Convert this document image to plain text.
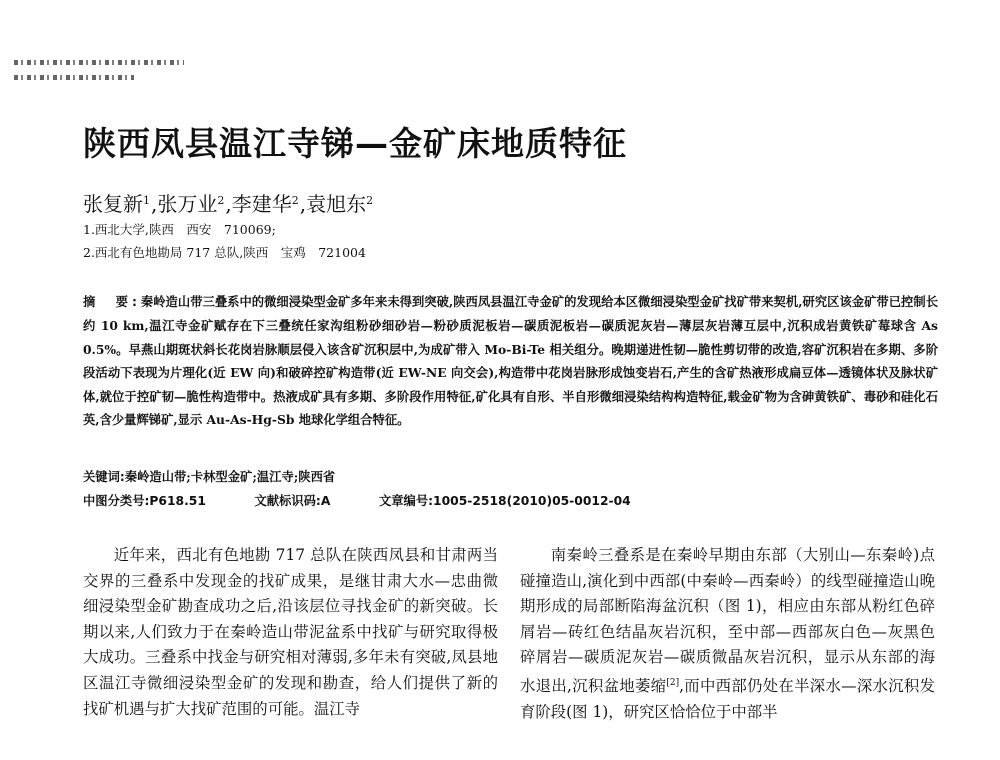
陕西凤县温江寺锑—金矿床地质特征
张复新$^1$,张万业$^2$,李建华$^2$,袁旭东$^2$
1.西北大学,陕西　西安　710069;
2.西北有色地勘局 717 总队,陕西　宝鸡　721004
摘　要:秦岭造山带三叠系中的微细浸染型金矿多年来未得到突破,陕西凤县温江寺金矿的发现给本区微细浸染型金矿找矿带来契机,研究区该金矿带已控制长约 10 km,温江寺金矿赋存在下三叠统任家沟组粉砂细砂岩—粉砂质泥板岩—碳质泥板岩—碳质泥灰岩—薄层灰岩薄互层中,沉积成岩黄铁矿莓球含 As 0.5%。早燕山期斑状斜长花岗岩脉顺层侵入该含矿沉积层中,为成矿带入 Mo-Bi-Te 相关组分。晚期递进性韧—脆性剪切带的改造,容矿沉积岩在多期、多阶段活动下表现为片理化(近 EW 向)和破碎控矿构造带(近 EW-NE 向交会),构造带中花岗岩脉形成蚀变岩石,产生的含矿热液形成扁豆体—透镜体状及脉状矿体,就位于控矿韧—脆性构造带中。热液成矿具有多期、多阶段作用特征,矿化具有自形、半自形微细浸染结构构造特征,载金矿物为含砷黄铁矿、毒砂和硅化石英,含少量辉锑矿,显示 Au-As-Hg-Sb 地球化学组合特征。
关键词:秦岭造山带;卡林型金矿;温江寺;陕西省
中图分类号:P618.51	文献标识码:A	文章编号:1005-2518(2010)05-0012-04

近年来，西北有色地勘 717 总队在陕西凤县和甘肃两当交界的三叠系中发现金的找矿成果，是继甘肃大水—忠曲微细浸染型金矿勘查成功之后,沿该层位寻找金矿的新突破。长期以来,人们致力于在秦岭造山带泥盆系中找矿与研究取得极大成功。三叠系中找金与研究相对薄弱,多年未有突破,凤县地区温江寺微细浸染型金矿的发现和勘查，给人们提供了新的找矿机遇与扩大找矿范围的可能。温江寺

南秦岭三叠系是在秦岭早期由东部（大别山—东秦岭)点碰撞造山,演化到中西部(中秦岭—西秦岭）的线型碰撞造山晚期形成的局部断陷海盆沉积（图 1)，相应由东部从粉红色碎屑岩—砖红色结晶灰岩沉积，至中部—西部灰白色—灰黑色碎屑岩—碳质泥灰岩—碳质微晶灰岩沉积，显示从东部的海水退出,沉积盆地萎缩[2],而中西部仍处在半深水—深水沉积发育阶段(图 1)，研究区恰恰位于中部半
